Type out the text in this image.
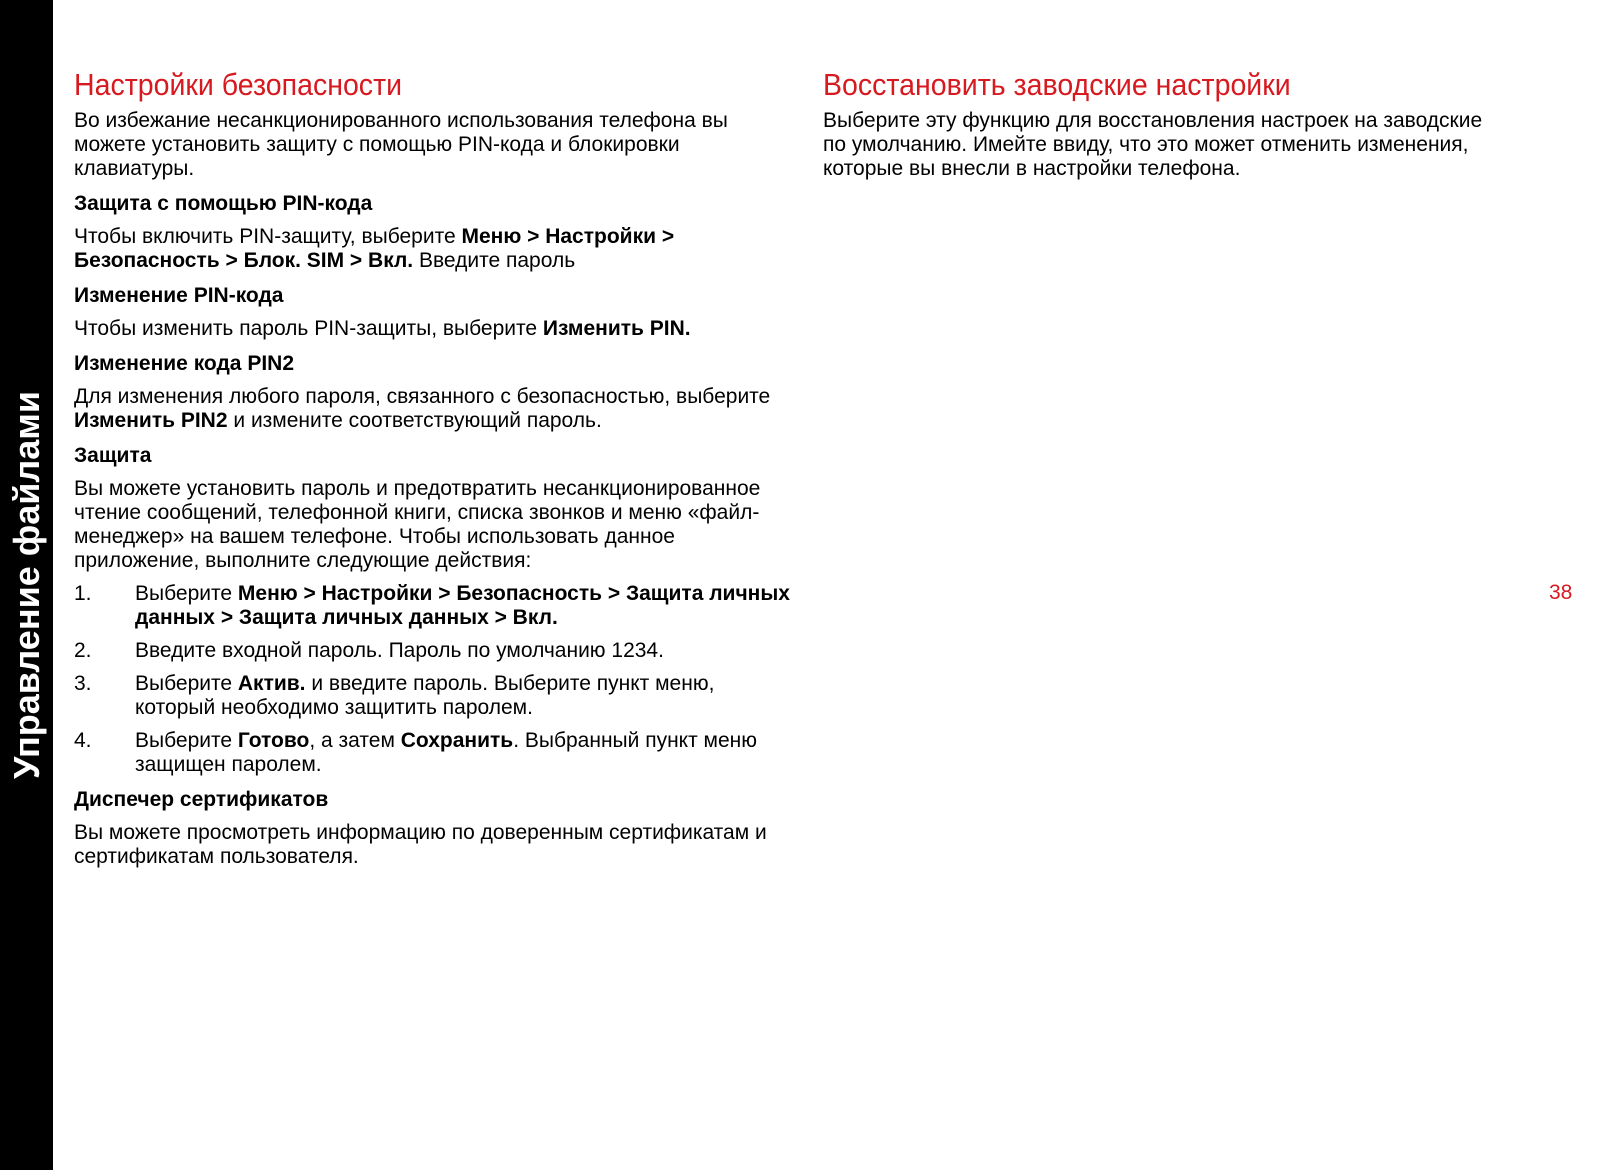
Управление файлами
Настройки безопасности

Во избежание несанкционированного использования телефона вы можете установить защиту с помощью PIN-кода и блокировки клавиатуры.

Защита с помощью PIN-кода

Чтобы включить PIN-защиту, выберите Меню > Настройки > Безопасность > Блок. SIM > Вкл. Введите пароль

Изменение PIN-кода

Чтобы изменить пароль PIN-защиты, выберите Изменить PIN.

Изменение кода PIN2

Для изменения любого пароля, связанного с безопасностью, выберите Изменить PIN2 и измените соответствующий пароль.

Защита

Вы можете установить пароль и предотвратить несанкционированное чтение сообщений, телефонной книги, списка звонков и меню «файл-менеджер» на вашем телефоне. Чтобы использовать данное приложение, выполните следующие действия:

1. Выберите Меню > Настройки > Безопасность > Защита личных данных > Защита личных данных > Вкл.
2. Введите входной пароль. Пароль по умолчанию 1234.
3. Выберите Актив. и введите пароль. Выберите пункт меню, который необходимо защитить паролем.
4. Выберите Готово, а затем Сохранить. Выбранный пункт меню защищен паролем.
Диспечер сертификатов

Вы можете просмотреть информацию по доверенным сертификатам и сертификатам пользователя.

Восстановить заводские настройки

Выберите эту функцию для восстановления настроек на заводские по умолчанию. Имейте ввиду, что это может отменить изменения, которые вы внесли в настройки телефона.

38
